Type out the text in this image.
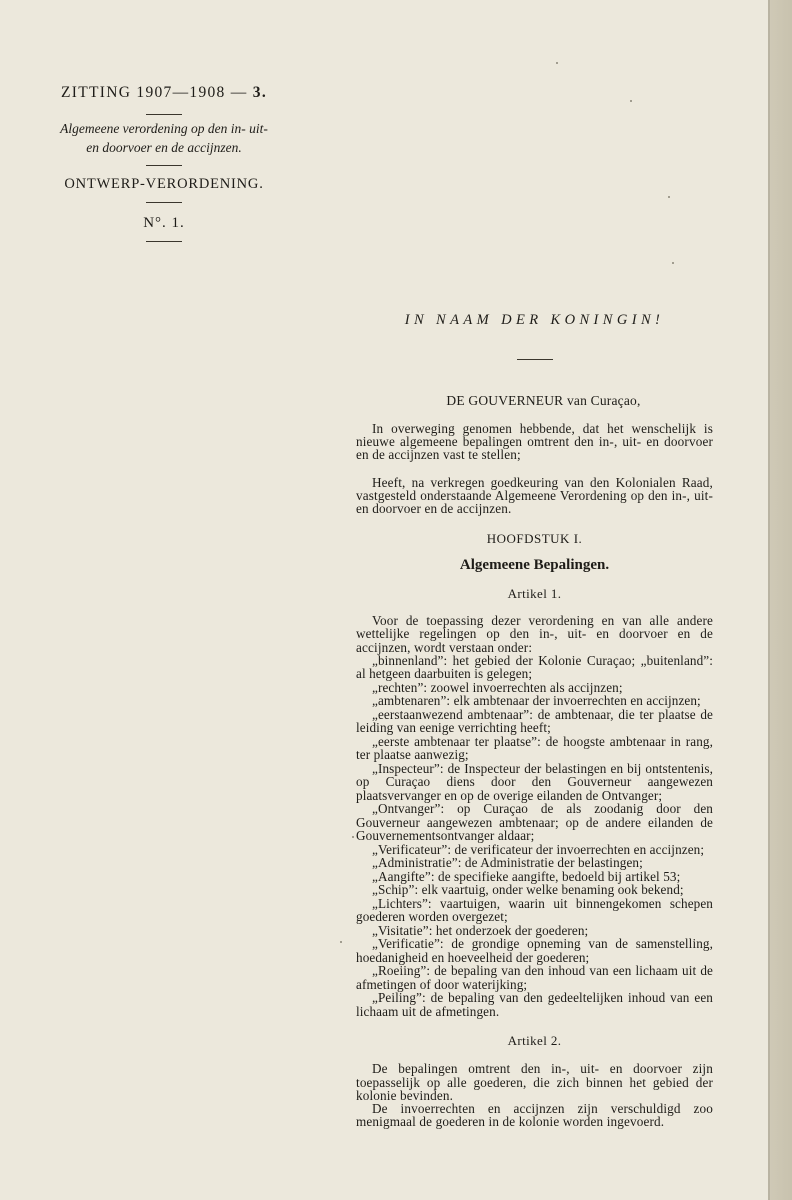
ZITTING 1907—1908 — 3.
Algemeene verordening op den in- uit-
en doorvoer en de accijnzen.
ONTWERP-VERORDENING.
N°. 1.
IN NAAM DER KONINGIN!
DE GOUVERNEUR van Curaçao,
In overweging genomen hebbende, dat het wenschelijk is nieuwe algemeene bepalingen omtrent den in-, uit- en doorvoer en de accijnzen vast te stellen;
Heeft, na verkregen goedkeuring van den Kolonialen Raad, vastgesteld onderstaande Algemeene Verordening op den in-, uit- en doorvoer en de accijnzen.
HOOFDSTUK I.
Algemeene Bepalingen.
Artikel 1.
Voor de toepassing dezer verordening en van alle andere wettelijke regelingen op den in-, uit- en doorvoer en de accijnzen, wordt verstaan onder:
„binnenland”: het gebied der Kolonie Curaçao; „buitenland”: al hetgeen daarbuiten is gelegen;
„rechten”: zoowel invoerrechten als accijnzen;
„ambtenaren”: elk ambtenaar der invoerrechten en accijnzen;
„eerstaanwezend ambtenaar”: de ambtenaar, die ter plaatse de leiding van eenige verrichting heeft;
„eerste ambtenaar ter plaatse”: de hoogste ambtenaar in rang, ter plaatse aanwezig;
„Inspecteur”: de Inspecteur der belastingen en bij ontstentenis, op Curaçao diens door den Gouverneur aangewezen plaatsvervanger en op de overige eilanden de Ontvanger;
„Ontvanger”: op Curaçao de als zoodanig door den Gouverneur aangewezen ambtenaar; op de andere eilanden de Gouvernementsontvanger aldaar;
„Verificateur”: de verificateur der invoerrechten en accijnzen;
„Administratie”: de Administratie der belastingen;
„Aangifte”: de specifieke aangifte, bedoeld bij artikel 53;
„Schip”: elk vaartuig, onder welke benaming ook bekend;
„Lichters”: vaartuigen, waarin uit binnengekomen schepen goederen worden overgezet;
„Visitatie”: het onderzoek der goederen;
„Verificatie”: de grondige opneming van de samenstelling, hoedanigheid en hoeveelheid der goederen;
„Roeiing”: de bepaling van den inhoud van een lichaam uit de afmetingen of door waterijking;
„Peiling”: de bepaling van den gedeeltelijken inhoud van een lichaam uit de afmetingen.
Artikel 2.
De bepalingen omtrent den in-, uit- en doorvoer zijn toepasselijk op alle goederen, die zich binnen het gebied der kolonie bevinden.
De invoerrechten en accijnzen zijn verschuldigd zoo menigmaal de goederen in de kolonie worden ingevoerd.
